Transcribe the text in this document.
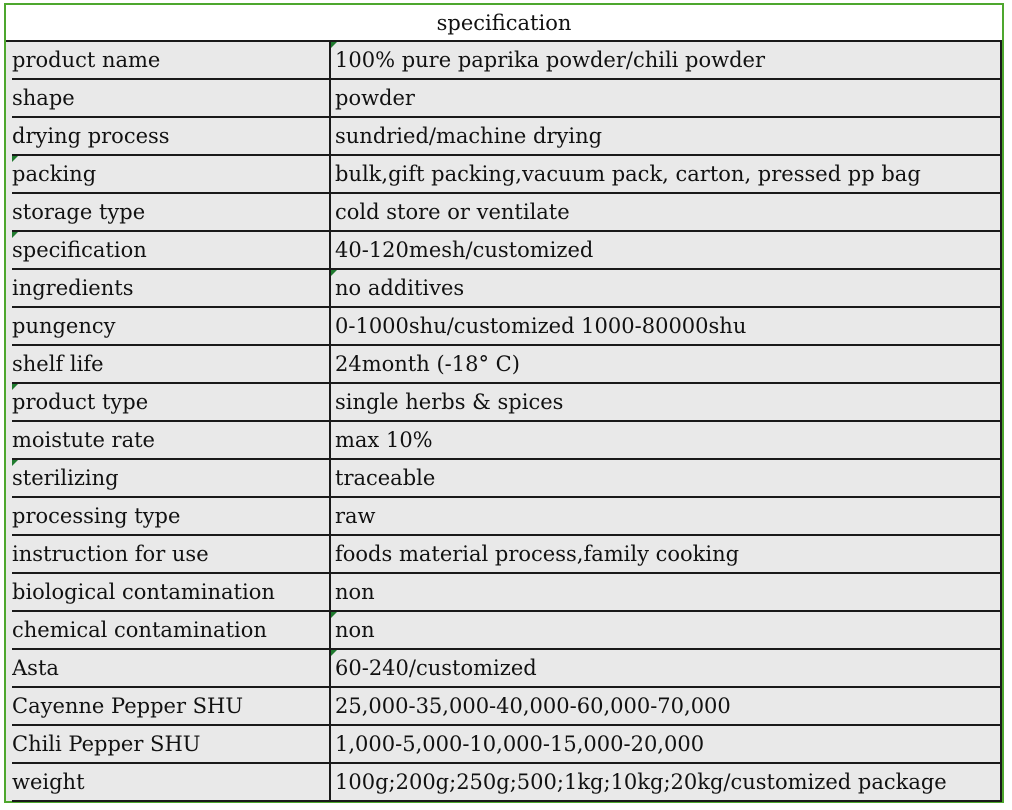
specification
product name	100% pure paprika powder/chili powder
shape	powder
drying process	sundried/machine drying
packing	bulk,gift packing,vacuum pack, carton, pressed pp bag
storage type	cold store or ventilate
specification	40-120mesh/customized
ingredients	no additives
pungency	0-1000shu/customized 1000-80000shu
shelf life	24month (-18° C)
product type	single herbs & spices
moistute rate	max 10%
sterilizing	traceable
processing type	raw
instruction for use	foods material process,family cooking
biological contamination	non
chemical contamination	non
Asta	60-240/customized
Cayenne Pepper SHU	25,000-35,000-40,000-60,000-70,000
Chili Pepper SHU	1,000-5,000-10,000-15,000-20,000
weight	100g;200g;250g;500;1kg;10kg;20kg/customized package
